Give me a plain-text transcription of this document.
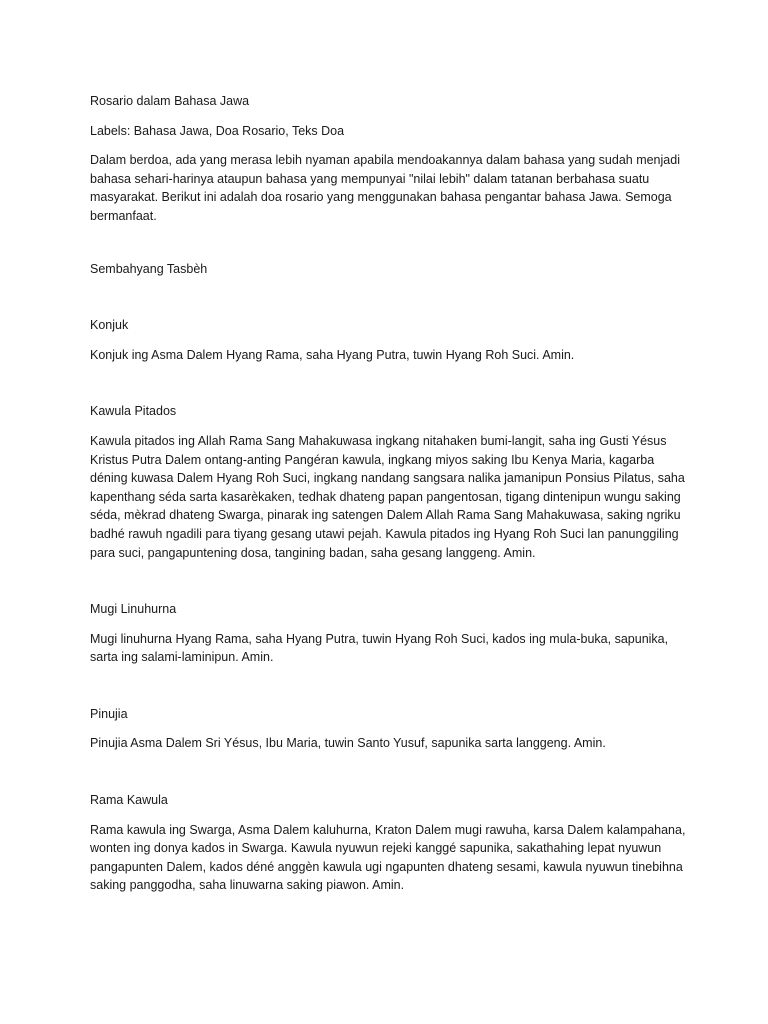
Rosario dalam Bahasa Jawa

Labels: Bahasa Jawa, Doa Rosario, Teks Doa

Dalam berdoa, ada yang merasa lebih nyaman apabila mendoakannya dalam bahasa yang sudah menjadi bahasa sehari-harinya ataupun bahasa yang mempunyai "nilai lebih" dalam tatanan berbahasa suatu masyarakat. Berikut ini adalah doa rosario yang menggunakan bahasa pengantar bahasa Jawa. Semoga bermanfaat.

Sembahyang Tasbèh

Konjuk

Konjuk ing Asma Dalem Hyang Rama, saha Hyang Putra, tuwin Hyang Roh Suci. Amin.

Kawula Pitados

Kawula pitados ing Allah Rama Sang Mahakuwasa ingkang nitahaken bumi-langit, saha ing Gusti Yésus Kristus Putra Dalem ontang-anting Pangéran kawula, ingkang miyos saking Ibu Kenya Maria, kagarba déning kuwasa Dalem Hyang Roh Suci, ingkang nandang sangsara nalika jamanipun Ponsius Pilatus, saha kapenthang séda sarta kasarèkaken, tedhak dhateng papan pangentosan, tigang dintenipun wungu saking séda, mèkrad dhateng Swarga, pinarak ing satengen Dalem Allah Rama Sang Mahakuwasa, saking ngriku badhé rawuh ngadili para tiyang gesang utawi pejah. Kawula pitados ing Hyang Roh Suci lan panunggiling para suci, pangapuntening dosa, tangining badan, saha gesang langgeng. Amin.

Mugi Linuhurna

Mugi linuhurna Hyang Rama, saha Hyang Putra, tuwin Hyang Roh Suci, kados ing mula-buka, sapunika, sarta ing salami-laminipun. Amin.

Pinujia

Pinujia Asma Dalem Sri Yésus, Ibu Maria, tuwin Santo Yusuf, sapunika sarta langgeng. Amin.

Rama Kawula

Rama kawula ing Swarga, Asma Dalem kaluhurna, Kraton Dalem mugi rawuha, karsa Dalem kalampahana, wonten ing donya kados in Swarga. Kawula nyuwun rejeki kanggé sapunika, sakathahing lepat nyuwun pangapunten Dalem, kados déné anggèn kawula ugi ngapunten dhateng sesami, kawula nyuwun tinebihna saking panggodha, saha linuwarna saking piawon. Amin.
